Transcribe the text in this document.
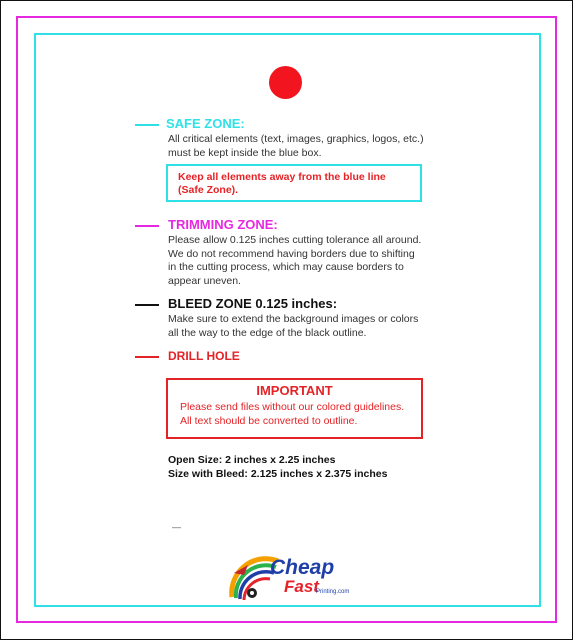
SAFE ZONE:
All critical elements (text, images, graphics, logos, etc.)
must be kept inside the blue box.
Keep all elements away from the blue line
(Safe Zone).
TRIMMING ZONE:
Please allow 0.125 inches cutting tolerance all around.
We do not recommend having borders due to shifting
in the cutting process, which may cause borders to
appear uneven.
BLEED ZONE 0.125 inches:
Make sure to extend the background images or colors
all the way to the edge of the black outline.
DRILL HOLE
IMPORTANT
Please send files without our colored guidelines.
All text should be converted to outline.
Open Size: 2 inches x 2.25 inches
Size with Bleed: 2.125 inches x 2.375 inches
—
Cheap
Fast
Printing.com
